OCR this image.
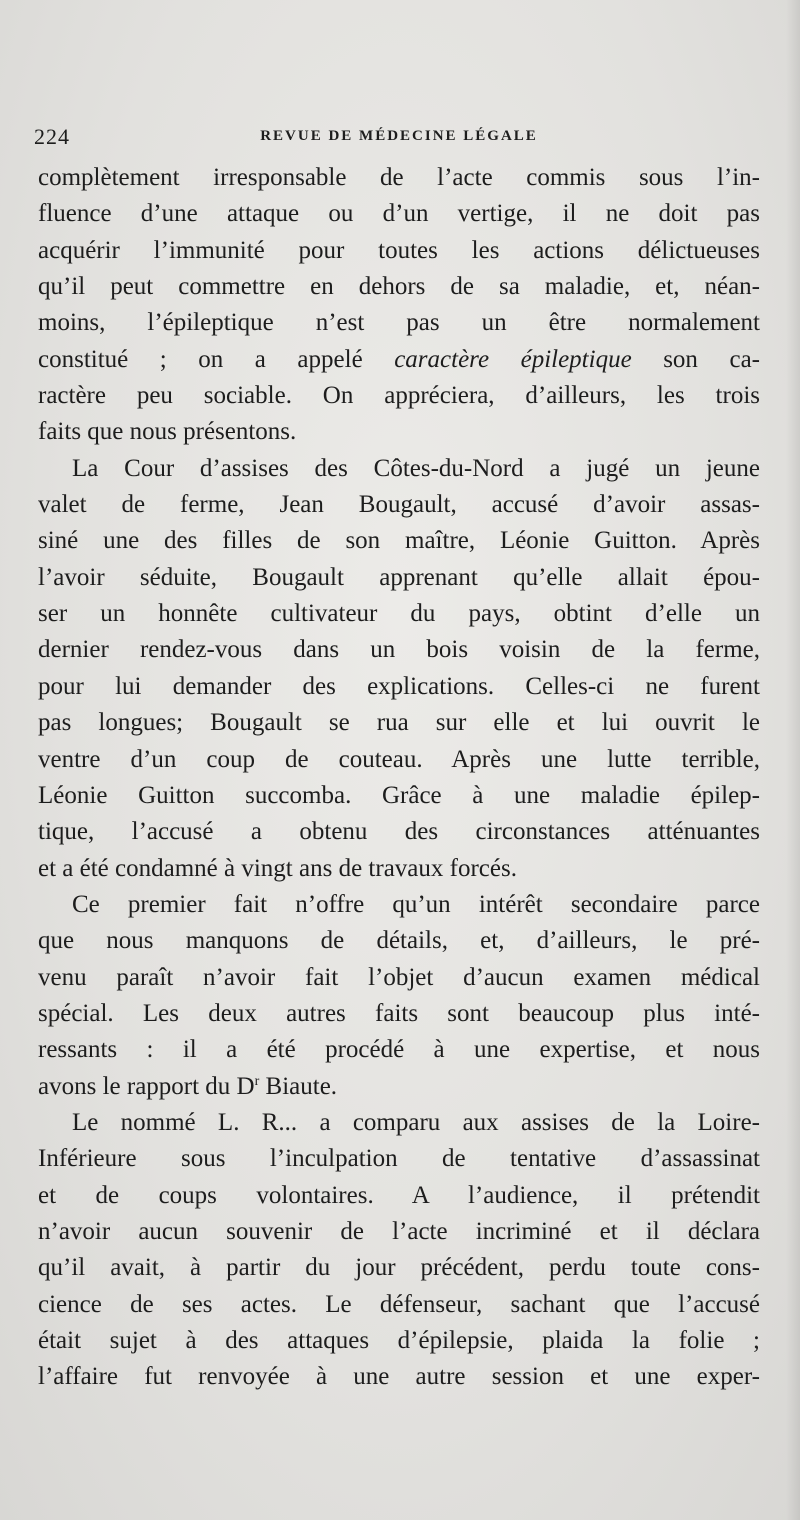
224	REVUE DE MÉDECINE LÉGALE
complètement irresponsable de l’acte commis sous l’in-
fluence d’une attaque ou d’un vertige, il ne doit pas
acquérir l’immunité pour toutes les actions délictueuses
qu’il peut commettre en dehors de sa maladie, et, néan-
moins, l’épileptique n’est pas un être normalement
constitué ; on a appelé caractère épileptique son ca-
ractère peu sociable. On appréciera, d’ailleurs, les trois
faits que nous présentons.
La Cour d’assises des Côtes-du-Nord a jugé un jeune
valet de ferme, Jean Bougault, accusé d’avoir assas-
siné une des filles de son maître, Léonie Guitton. Après
l’avoir séduite, Bougault apprenant qu’elle allait épou-
ser un honnête cultivateur du pays, obtint d’elle un
dernier rendez-vous dans un bois voisin de la ferme,
pour lui demander des explications. Celles-ci ne furent
pas longues; Bougault se rua sur elle et lui ouvrit le
ventre d’un coup de couteau. Après une lutte terrible,
Léonie Guitton succomba. Grâce à une maladie épilep-
tique, l’accusé a obtenu des circonstances atténuantes
et a été condamné à vingt ans de travaux forcés.
Ce premier fait n’offre qu’un intérêt secondaire parce
que nous manquons de détails, et, d’ailleurs, le pré-
venu paraît n’avoir fait l’objet d’aucun examen médical
spécial. Les deux autres faits sont beaucoup plus inté-
ressants : il a été procédé à une expertise, et nous
avons le rapport du $D^r$ Biaute.
Le nommé L. R... a comparu aux assises de la Loire-
Inférieure sous l’inculpation de tentative d’assassinat
et de coups volontaires. A l’audience, il prétendit
n’avoir aucun souvenir de l’acte incriminé et il déclara
qu’il avait, à partir du jour précédent, perdu toute cons-
cience de ses actes. Le défenseur, sachant que l’accusé
était sujet à des attaques d’épilepsie, plaida la folie ;
l’affaire fut renvoyée à une autre session et une exper-
